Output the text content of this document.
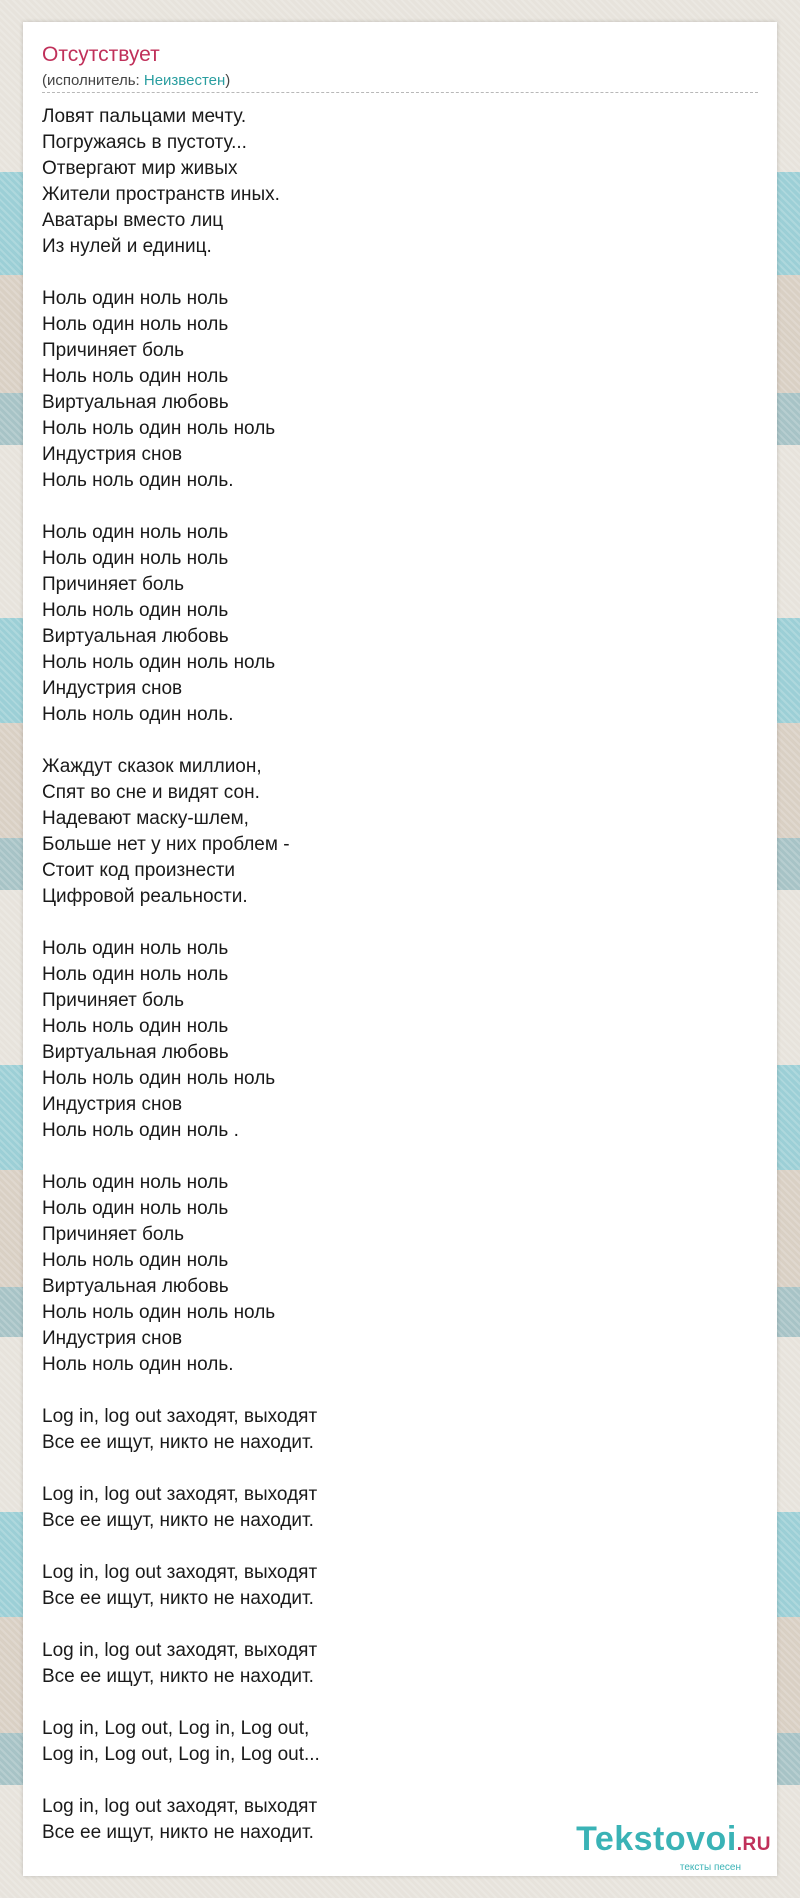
Отсутствует
(исполнитель: Неизвестен)
Ловят пальцами мечту.
Погружаясь в пустоту...
Отвергают мир живых
Жители пространств иных.
Аватары вместо лиц
Из нулей и единиц.
Ноль один ноль ноль
Ноль один ноль ноль
Причиняет боль
Ноль ноль один ноль
Виртуальная любовь
Ноль ноль один ноль ноль
Индустрия снов
Ноль ноль один ноль.
Ноль один ноль ноль
Ноль один ноль ноль
Причиняет боль
Ноль ноль один ноль
Виртуальная любовь
Ноль ноль один ноль ноль
Индустрия снов
Ноль ноль один ноль.
Жаждут сказок миллион,
Спят во сне и видят сон.
Надевают маску-шлем,
Больше нет у них проблем -
Стоит код произнести
Цифровой реальности.
Ноль один ноль ноль
Ноль один ноль ноль
Причиняет боль
Ноль ноль один ноль
Виртуальная любовь
Ноль ноль один ноль ноль
Индустрия снов
Ноль ноль один ноль .
Ноль один ноль ноль
Ноль один ноль ноль
Причиняет боль
Ноль ноль один ноль
Виртуальная любовь
Ноль ноль один ноль ноль
Индустрия снов
Ноль ноль один ноль.
Log in, log out заходят, выходят
Все ее ищут, никто не находит.
Log in, log out заходят, выходят
Все ее ищут, никто не находит.
Log in, log out заходят, выходят
Все ее ищут, никто не находит.
Log in, log out заходят, выходят
Все ее ищут, никто не находит.
Log in, Log out, Log in, Log out,
Log in, Log out, Log in, Log out...
Log in, log out заходят, выходят
Все ее ищут, никто не находит.	Tekstovoi.RU
тексты песен
